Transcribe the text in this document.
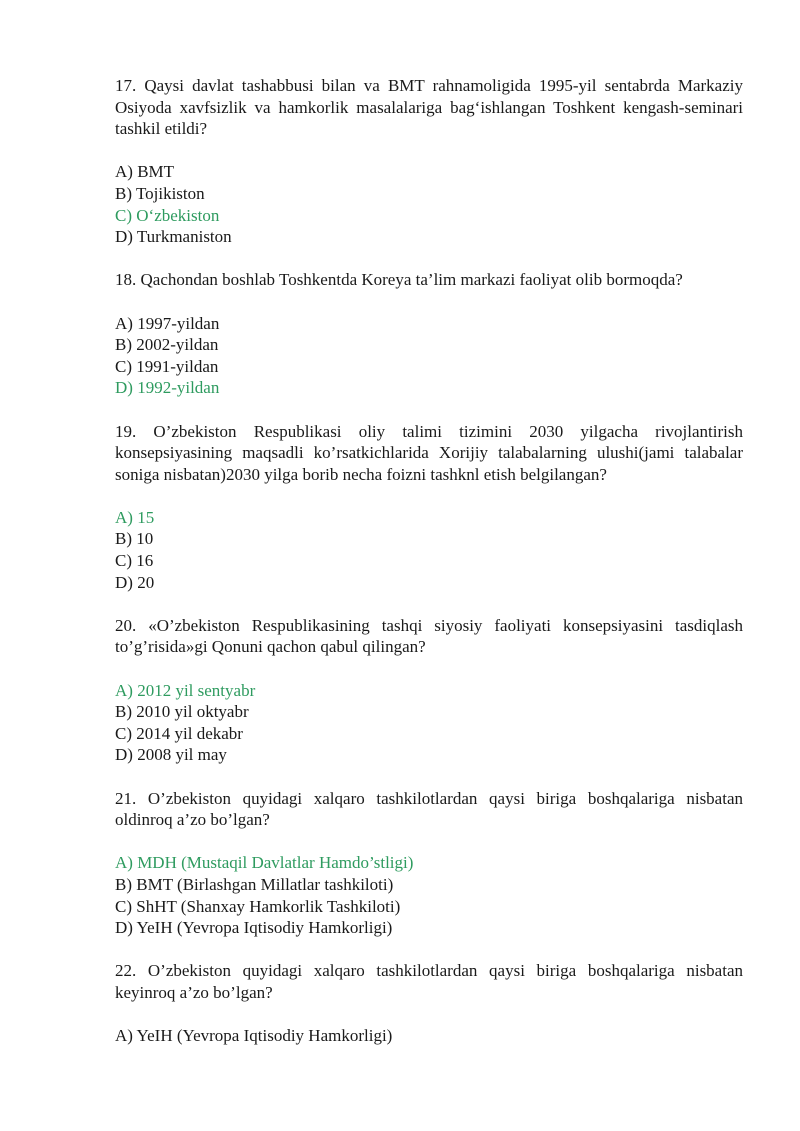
17. Qaysi davlat tashabbusi bilan va BMT rahnamoligida 1995-yil sentabrda Markaziy Osiyoda xavfsizlik va hamkorlik masalalariga bag‘ishlangan Toshkent kengash-seminari tashkil etildi?

A) BMT
B) Tojikiston
C) O‘zbekiston
D) Turkmaniston

18. Qachondan boshlab Toshkentda Koreya ta’lim markazi faoliyat olib bormoqda?

A) 1997-yildan
B) 2002-yildan
C) 1991-yildan
D) 1992-yildan

19. O’zbekiston Respublikasi oliy talimi tizimini 2030 yilgacha rivojlantirish konsepsiyasining maqsadli ko’rsatkichlarida Xorijiy talabalarning ulushi(jami talabalar soniga nisbatan)2030 yilga borib necha foizni tashknl etish belgilangan?

A) 15
B) 10
C) 16
D) 20

20. «O’zbekiston Respublikasining tashqi siyosiy faoliyati konsepsiyasini tasdiqlash to’g’risida»gi Qonuni qachon qabul qilingan?

A) 2012 yil sentyabr
B) 2010 yil oktyabr
C) 2014 yil dekabr
D) 2008 yil may

21. O’zbekiston quyidagi xalqaro tashkilotlardan qaysi biriga boshqalariga nisbatan oldinroq a’zo bo’lgan?

A) MDH (Mustaqil Davlatlar Hamdo’stligi)
B) BMT (Birlashgan Millatlar tashkiloti)
C) ShHT (Shanxay Hamkorlik Tashkiloti)
D) YeIH (Yevropa Iqtisodiy Hamkorligi)

22. O’zbekiston quyidagi xalqaro tashkilotlardan qaysi biriga boshqalariga nisbatan keyinroq a’zo bo’lgan?

A) YeIH (Yevropa Iqtisodiy Hamkorligi)
